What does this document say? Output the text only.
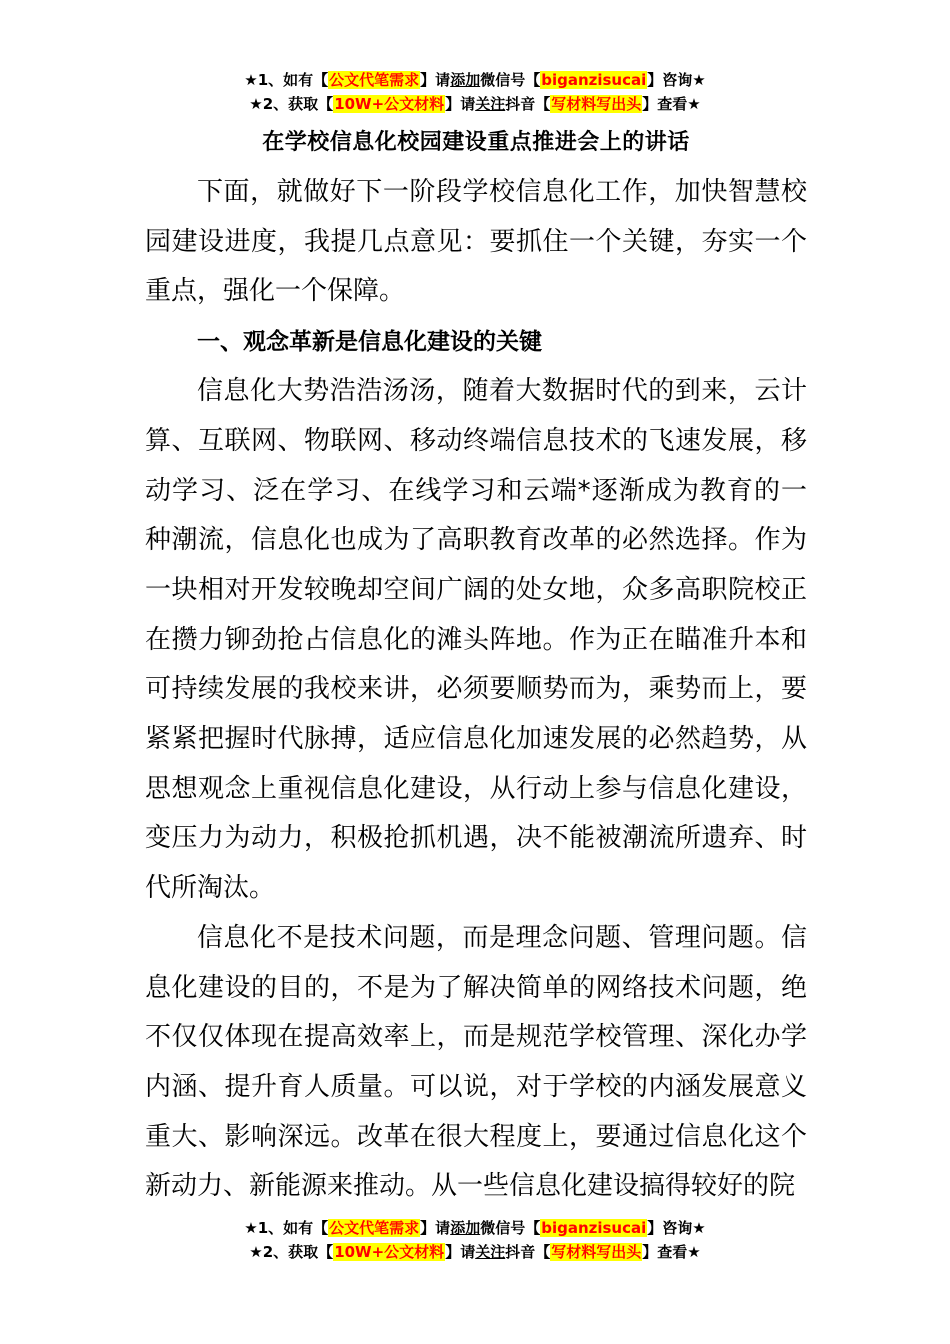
★1、如有【公文代笔需求】请添加微信号【biganzisucai】咨询★
★2、获取【10W+公文材料】请关注抖音【写材料写出头】查看★
在学校信息化校园建设重点推进会上的讲话

下面，就做好下一阶段学校信息化工作，加快智慧校园建设进度，我提几点意见：要抓住一个关键，夯实一个重点，强化一个保障。

一、观念革新是信息化建设的关键

信息化大势浩浩汤汤，随着大数据时代的到来，云计算、互联网、物联网、移动终端信息技术的飞速发展，移动学习、泛在学习、在线学习和云端*逐渐成为教育的一种潮流，信息化也成为了高职教育改革的必然选择。作为一块相对开发较晚却空间广阔的处女地，众多高职院校正在攒力铆劲抢占信息化的滩头阵地。作为正在瞄准升本和可持续发展的我校来讲，必须要顺势而为，乘势而上，要紧紧把握时代脉搏，适应信息化加速发展的必然趋势，从思想观念上重视信息化建设，从行动上参与信息化建设，变压力为动力，积极抢抓机遇，决不能被潮流所遗弃、时代所淘汰。

信息化不是技术问题，而是理念问题、管理问题。信息化建设的目的，不是为了解决简单的网络技术问题，绝不仅仅体现在提高效率上，而是规范学校管理、深化办学内涵、提升育人质量。可以说，对于学校的内涵发展意义重大、影响深远。改革在很大程度上，要通过信息化这个新动力、新能源来推动。从一些信息化建设搞得较好的院

★1、如有【公文代笔需求】请添加微信号【biganzisucai】咨询★
★2、获取【10W+公文材料】请关注抖音【写材料写出头】查看★
